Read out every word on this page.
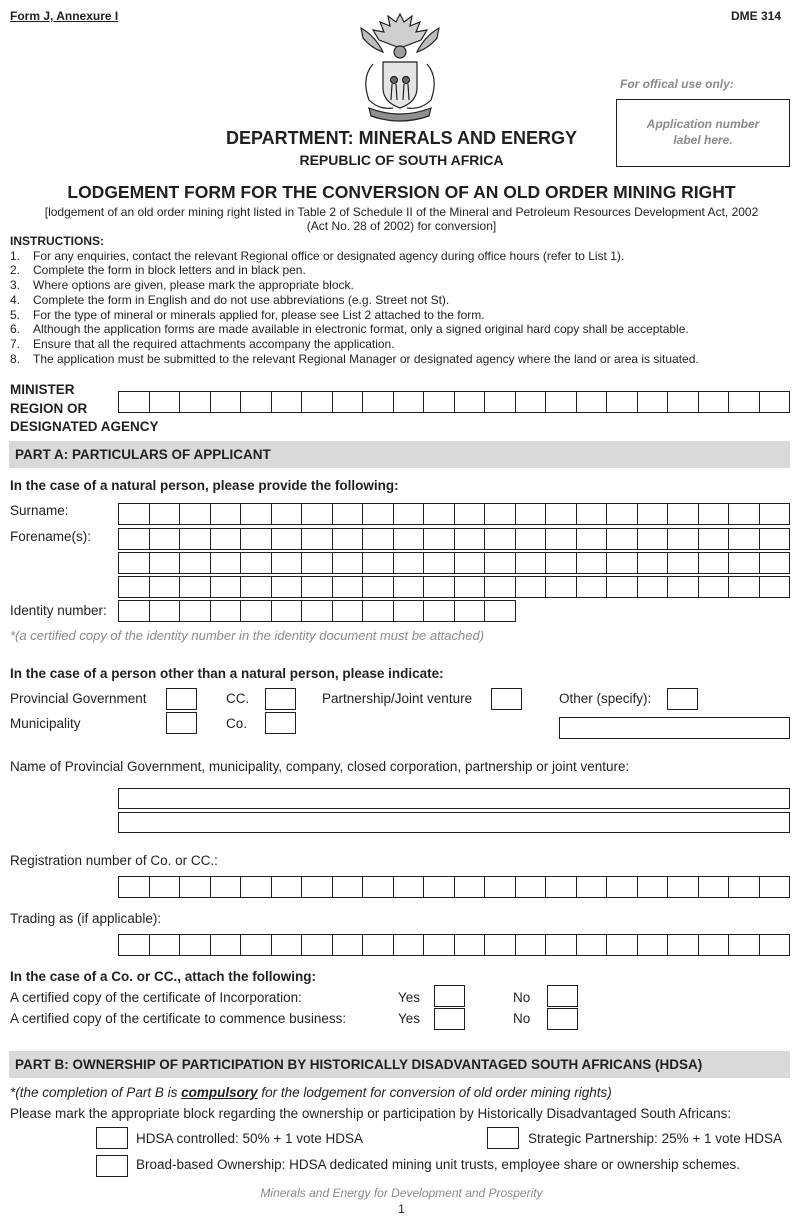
Form J, Annexure I	DME 314
For offical use only:
Application number label here.
DEPARTMENT: MINERALS AND ENERGY
REPUBLIC OF SOUTH AFRICA
LODGEMENT FORM FOR THE CONVERSION OF AN OLD ORDER MINING RIGHT
[lodgement of an old order mining right listed in Table 2 of Schedule II of the Mineral and Petroleum Resources Development Act, 2002
(Act No. 28 of 2002) for conversion]
INSTRUCTIONS:
1.	For any enquiries, contact the relevant Regional office or designated agency during office hours (refer to List 1).
2.	Complete the form in block letters and in black pen.
3.	Where options are given, please mark the appropriate block.
4.	Complete the form in English and do not use abbreviations (e.g. Street not St).
5.	For the type of mineral or minerals applied for, please see List 2 attached to the form.
6.	Although the application forms are made available in electronic format, only a signed original hard copy shall be acceptable.
7.	Ensure that all the required attachments accompany the application.
8.	The application must be submitted to the relevant Regional Manager or designated agency where the land or area is situated.
MINISTER
REGION OR
DESIGNATED AGENCY
PART A: PARTICULARS OF APPLICANT
In the case of a natural person, please provide the following:
Surname:
Forename(s):
Identity number:
*(a certified copy of the identity number in the identity document must be attached)
In the case of a person other than a natural person, please indicate:
Provincial Government	CC.	Partnership/Joint venture	Other (specify):
Municipality	Co.
Name of Provincial Government, municipality, company, closed corporation, partnership or joint venture:
Registration number of Co. or CC.:
Trading as (if applicable):
In the case of a Co. or CC., attach the following:
A certified copy of the certificate of Incorporation:	Yes	No
A certified copy of the certificate to commence business:	Yes	No
PART B: OWNERSHIP OF PARTICIPATION BY HISTORICALLY DISADVANTAGED SOUTH AFRICANS (HDSA)
*(the completion of Part B is compulsory for the lodgement for conversion of old order mining rights)
Please mark the appropriate block regarding the ownership or participation by Historically Disadvantaged South Africans:
HDSA controlled: 50% + 1 vote HDSA	Strategic Partnership: 25% + 1 vote HDSA
Broad-based Ownership: HDSA dedicated mining unit trusts, employee share or ownership schemes.
Minerals and Energy for Development and Prosperity
1
